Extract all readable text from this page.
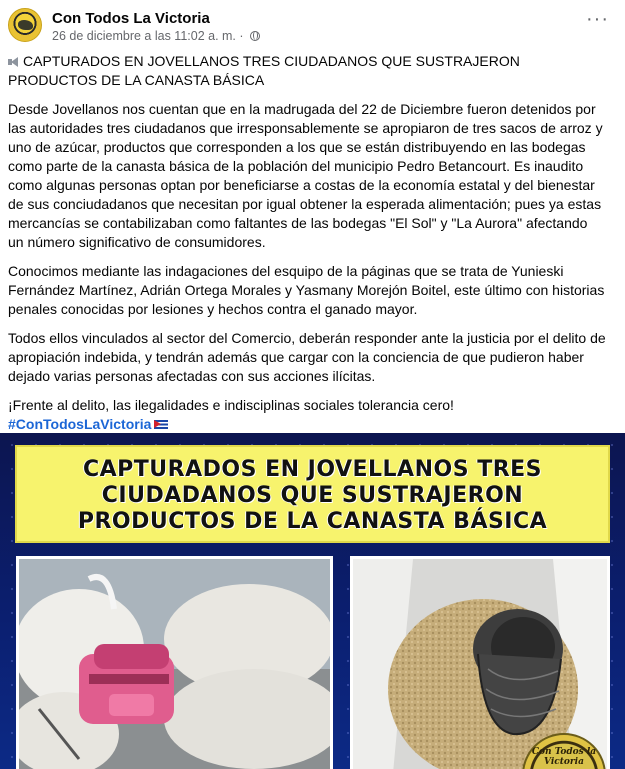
Con Todos La Victoria
26 de diciembre a las 11:02 a. m. ·
···

CAPTURADOS EN JOVELLANOS TRES CIUDADANOS QUE SUSTRAJERON PRODUCTOS DE LA CANASTA BÁSICA

Desde Jovellanos nos cuentan que en la madrugada del 22 de Diciembre fueron detenidos por las autoridades tres ciudadanos que irresponsablemente se apropiaron de tres sacos de arroz y uno de azúcar, productos que corresponden a los que se están distribuyendo en las bodegas como parte de la canasta básica de la población del municipio Pedro Betancourt. Es inaudito como algunas personas optan por beneficiarse a costas de la economía estatal y del bienestar de sus conciudadanos que necesitan por igual obtener la esperada alimentación; pues ya estas mercancías se contabilizaban como faltantes de las bodegas "El Sol" y "La Aurora" afectando un número significativo de consumidores.

Conocimos mediante las indagaciones del esquipo de la páginas que se trata de Yunieski Fernández Martínez, Adrián Ortega Morales y Yasmany Morejón Boitel, este último con historias penales conocidas por lesiones y hechos contra el ganado mayor.

Todos ellos vinculados al sector del Comercio, deberán responder ante la justicia por el delito de apropiación indebida, y tendrán además que cargar con la conciencia de que pudieron haber dejado varias personas afectadas con sus acciones ilícitas.

¡Frente al delito, las ilegalidades e indisciplinas sociales tolerancia cero!
#ConTodosLaVictoria

CAPTURADOS EN JOVELLANOS TRES
CIUDADANOS QUE SUSTRAJERON
PRODUCTOS DE LA CANASTA BÁSICA
Con Todos la Victoria
